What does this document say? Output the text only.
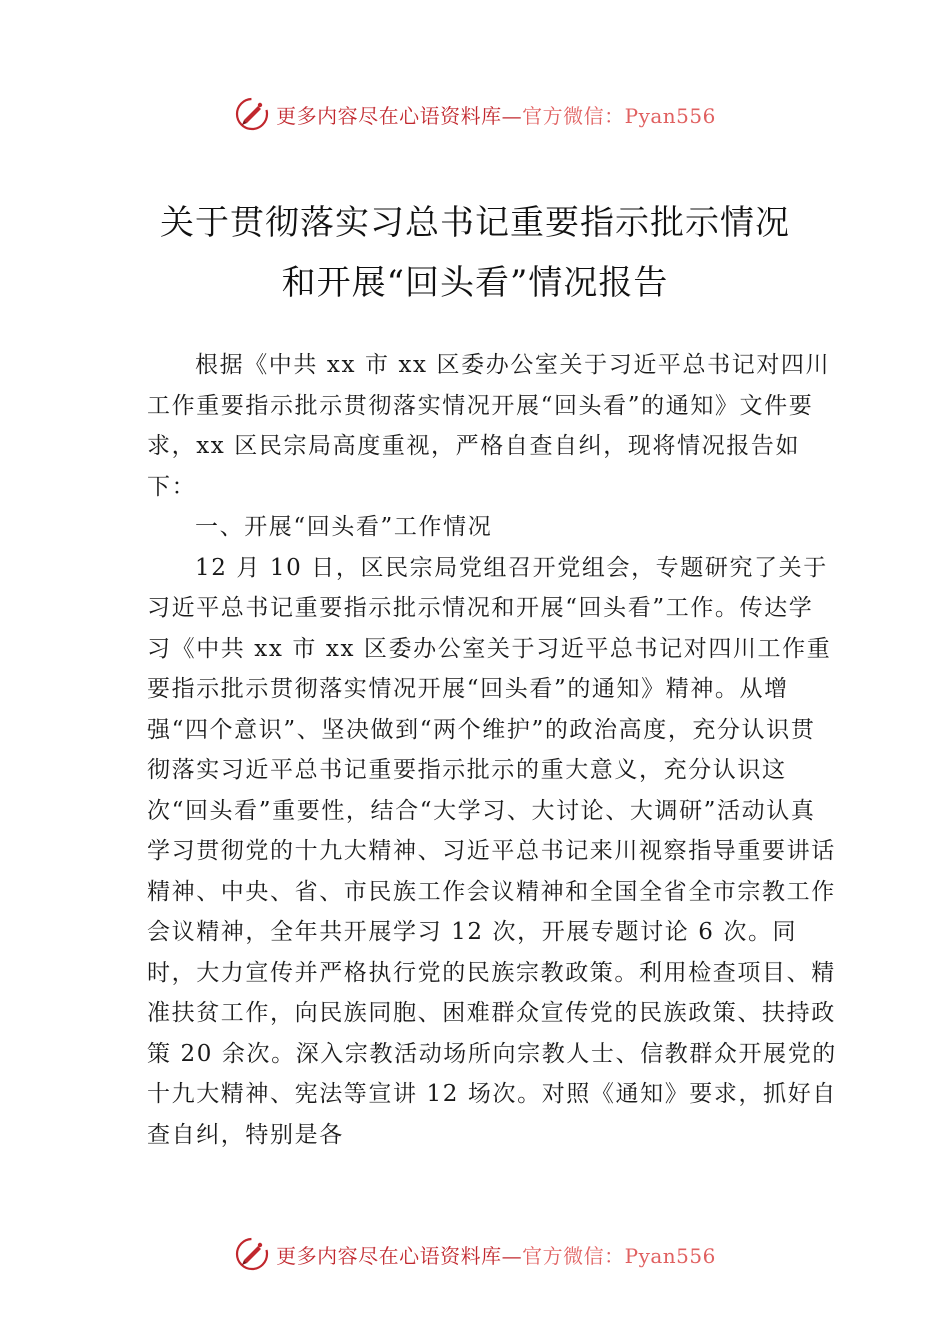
更多内容尽在心语资料库—官方微信：Pyan556
关于贯彻落实习总书记重要指示批示情况
和开展“回头看”情况报告

根据《中共 xx 市 xx 区委办公室关于习近平总书记对四川工作重要指示批示贯彻落实情况开展“回头看”的通知》文件要求，xx 区民宗局高度重视，严格自查自纠，现将情况报告如下：

一、开展“回头看”工作情况

12 月 10 日，区民宗局党组召开党组会，专题研究了关于习近平总书记重要指示批示情况和开展“回头看”工作。传达学习《中共 xx 市 xx 区委办公室关于习近平总书记对四川工作重要指示批示贯彻落实情况开展“回头看”的通知》精神。从增强“四个意识”、坚决做到“两个维护”的政治高度，充分认识贯彻落实习近平总书记重要指示批示的重大意义，充分认识这次“回头看”重要性，结合“大学习、大讨论、大调研”活动认真学习贯彻党的十九大精神、习近平总书记来川视察指导重要讲话精神、中央、省、市民族工作会议精神和全国全省全市宗教工作会议精神，全年共开展学习 12 次，开展专题讨论 6 次。同时，大力宣传并严格执行党的民族宗教政策。利用检查项目、精准扶贫工作，向民族同胞、困难群众宣传党的民族政策、扶持政策 20 余次。深入宗教活动场所向宗教人士、信教群众开展党的十九大精神、宪法等宣讲 12 场次。对照《通知》要求，抓好自查自纠，特别是各

更多内容尽在心语资料库—官方微信：Pyan556
